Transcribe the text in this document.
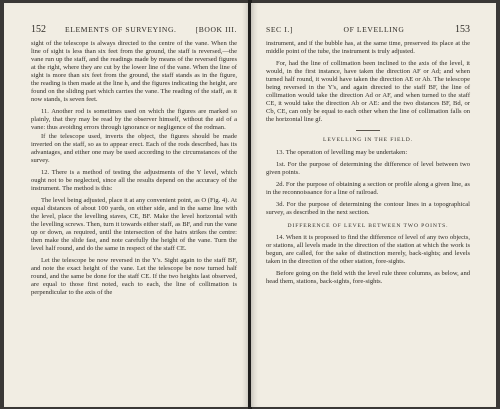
152	ELEMENTS OF SURVEYING.	[BOOK III.

sight of the telescope is always directed to the centre of the vane. When the line of sight is less than six feet from the ground, the staff is reversed,—the vane run up the staff, and the readings made by means of the reversed figures at the right, where they are cut by the lower line of the vane. When the line of sight is more than six feet from the ground, the staff stands as in the figure, the reading is then made at the line h, and the figures indicating the height, are found on the sliding part which carries the vane. The reading of the staff, as it now stands, is seven feet.

11. Another rod is sometimes used on which the figures are marked so plainly, that they may be read by the observer himself, without the aid of a vane: thus avoiding errors through ignorance or negligence of the rodman.

If the telescope used, inverts the object, the figures should be made inverted on the staff, so as to appear erect. Each of the rods described, has its advantages, and either one may be used according to the circumstances of the survey.

12. There is a method of testing the adjustments of the Y level, which ought not to be neglected, since all the results depend on the accuracy of the instrument. The method is this:

The level being adjusted, place it at any convenient point, as O (Fig. 4). At equal distances of about 100 yards, on either side, and in the same line with the level, place the levelling staves, CE, BF. Make the level horizontal with the levelling screws. Then, turn it towards either staff, as BF, and run the vane up or down, as required, until the intersection of the hairs strikes the centre: then make the slide fast, and note carefully the height of the vane. Turn the level half round, and do the same in respect of the staff CE.

Let the telescope be now reversed in the Y's. Sight again to the staff BF, and note the exact height of the vane. Let the telescope be now turned half round, and the same be done for the staff CE. If the two heights last observed, are equal to those first noted, each to each, the line of collimation is perpendicular to the axis of the

SEC I.]	OF LEVELLING	153

instrument, and if the bubble has, at the same time, preserved its place at the middle point of the tube, the instrument is truly adjusted.

For, had the line of collimation been inclined to the axis of the level, it would, in the first instance, have taken the direction AF or Ad; and when turned half round, it would have taken the direction AE or Ab. The telescope being reversed in the Y's, and again directed to the staff BF, the line of collimation would take the direction Ad or AF, and when turned to the staff CE, it would take the direction Ab or AE: and the two distances BF, Bd, or Cb, CE, can only be equal to each other when the line of collimation falls on the horizontal line gf.

LEVELLING IN THE FIELD.

13. The operation of levelling may be undertaken:

1st. For the purpose of determining the difference of level between two given points.

2d. For the purpose of obtaining a section or profile along a given line, as in the reconnoissance for a line of railroad.

3d. For the purpose of determining the contour lines in a topographical survey, as described in the next section.

DIFFERENCE OF LEVEL BETWEEN TWO POINTS.

14. When it is proposed to find the difference of level of any two objects, or stations, all levels made in the direction of the station at which the work is begun, are called, for the sake of distinction merely, back-sights; and levels taken in the direction of the other station, fore-sights.

Before going on the field with the level rule three columns, as below, and head them, stations, back-sights, fore-sights.
